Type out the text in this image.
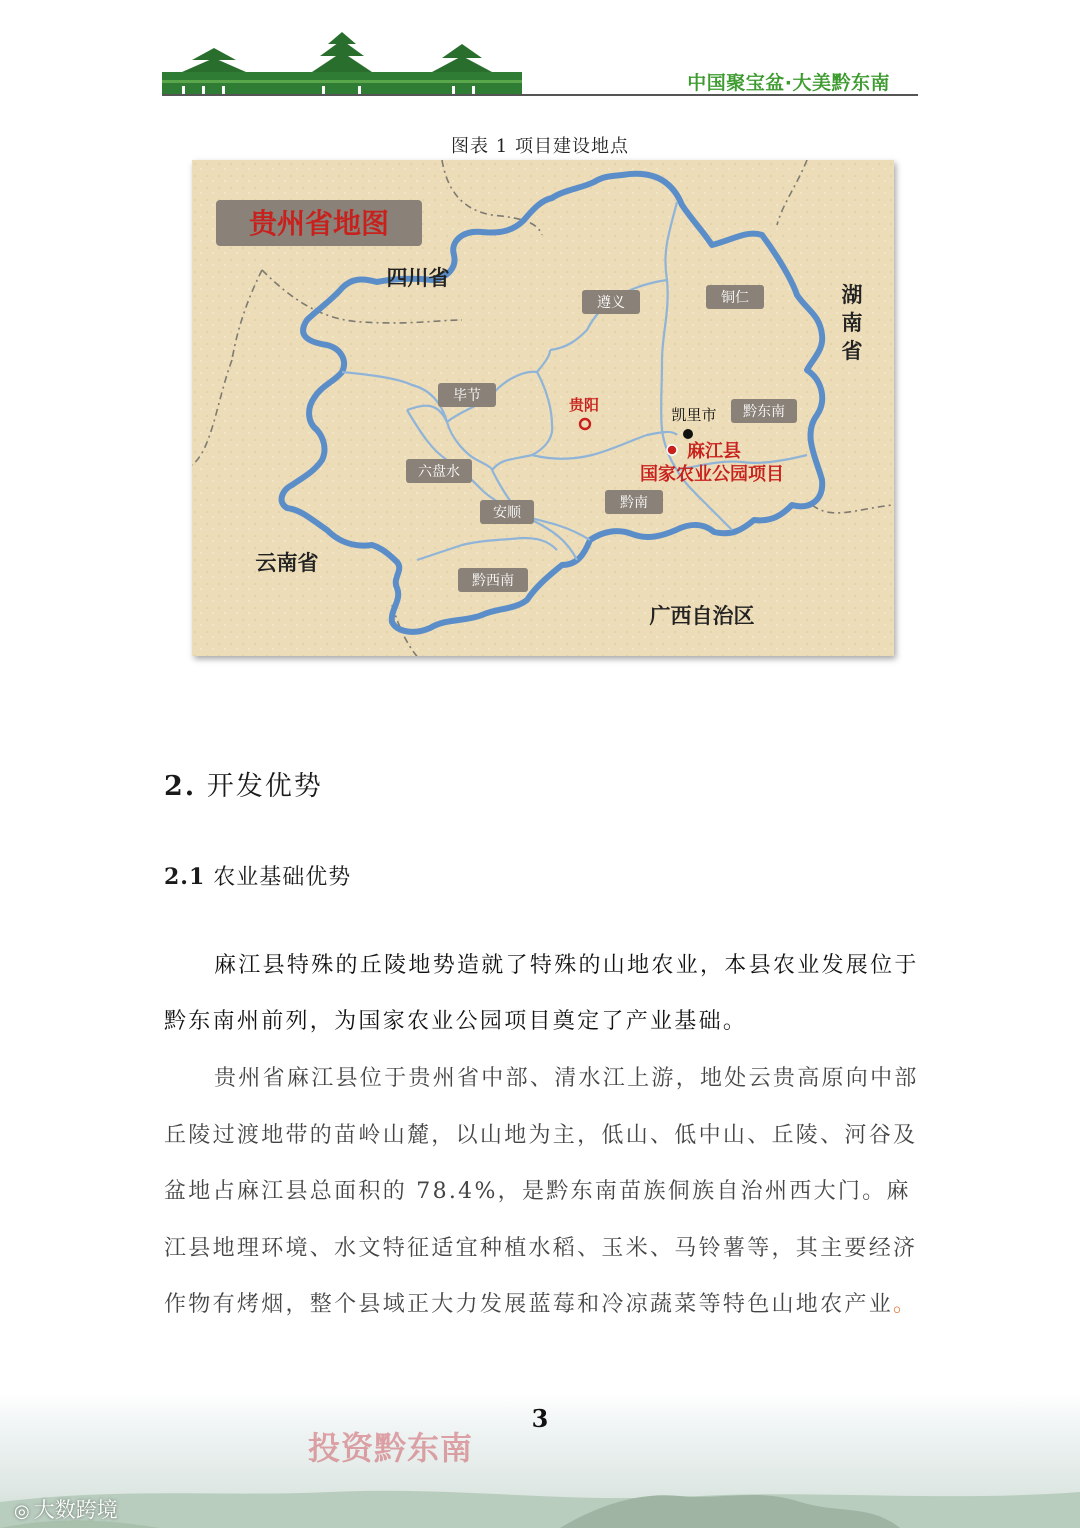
中国聚宝盆·大美黔东南
图表 1 项目建设地点
贵州省地图
四川省
湖
南
省
云南省
广西自治区
遵义	铜仁
毕节
黔东南
六盘水
安顺
黔南
黔西南
贵阳
凯里市
麻江县
国家农业公园项目
2. 开发优势
2.1 农业基础优势

麻江县特殊的丘陵地势造就了特殊的山地农业，本县农业发展位于黔东南州前列，为国家农业公园项目奠定了产业基础。

贵州省麻江县位于贵州省中部、清水江上游，地处云贵高原向中部丘陵过渡地带的苗岭山麓，以山地为主，低山、低中山、丘陵、河谷及盆地占麻江县总面积的 78.4%，是黔东南苗族侗族自治州西大门。麻江县地理环境、水文特征适宜种植水稻、玉米、马铃薯等，其主要经济作物有烤烟，整个县域正大力发展蓝莓和冷凉蔬菜等特色山地农产业。

3
投资黔东南
◎ 大数跨境
